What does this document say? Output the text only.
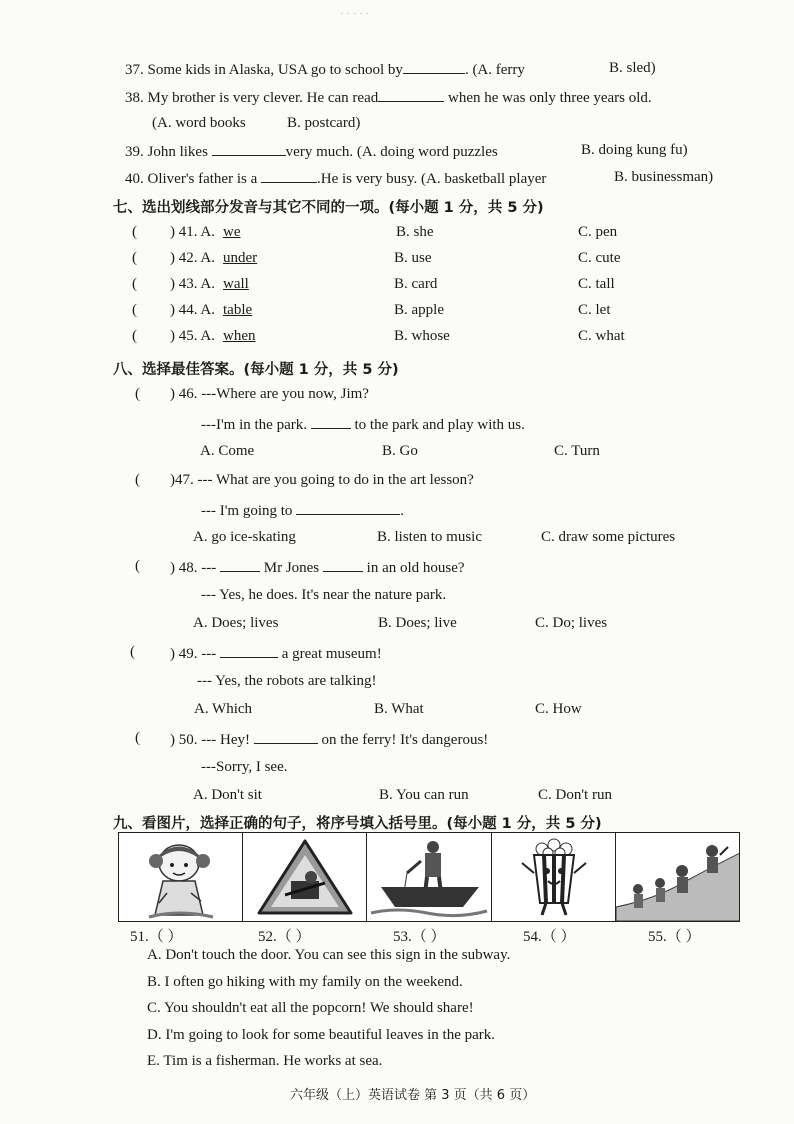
· · · · ·
37. Some kids in Alaska, USA go to school by	. (A. ferry	B. sled)
38. My brother is very clever. He can read	when he was only three years old.
(A. word books	B. postcard)
39. John likes	very much. (A. doing word puzzles	B. doing kung fu)
40. Oliver's father is a	.He is very busy. (A. basketball player	B. businessman)
七、选出划线部分发音与其它不同的一项。(每小题 1 分，共 5 分)
( ) 41. A. we	B. she	C. pen
( ) 42. A. under	B. use	C. cute
( ) 43. A. wall	B. card	C. tall
( ) 44. A. table	B. apple	C. let
( ) 45. A. when	B. whose	C. what
八、选择最佳答案。(每小题 1 分，共 5 分)
( ) 46. ---Where are you now, Jim?
---I'm in the park.	to the park and play with us.
A. Come	B. Go	C. Turn
( )47. --- What are you going to do in the art lesson?
--- I'm going to	.
A. go ice-skating	B. listen to music	C. draw some pictures
( ) 48. ---	Mr Jones	in an old house?
--- Yes, he does. It's near the nature park.
A. Does; lives	B. Does; live	C. Do; lives
( ) 49. ---	a great museum!
--- Yes, the robots are talking!
A. Which	B. What	C. How
( ) 50. --- Hey!	on the ferry! It's dangerous!
---Sorry, I see.
A. Don't sit	B. You can run	C. Don't run
九、看图片，选择正确的句子，将序号填入括号里。(每小题 1 分，共 5 分)
51.（ ）	52.（ ）	53.（ ）	54.（ ）	55.（ ）
A. Don't touch the door. You can see this sign in the subway.
B. I often go hiking with my family on the weekend.
C. You shouldn't eat all the popcorn! We should share!
D. I'm going to look for some beautiful leaves in the park.
E. Tim is a fisherman. He works at sea.
六年级（上）英语试卷 第 3 页（共 6 页）
